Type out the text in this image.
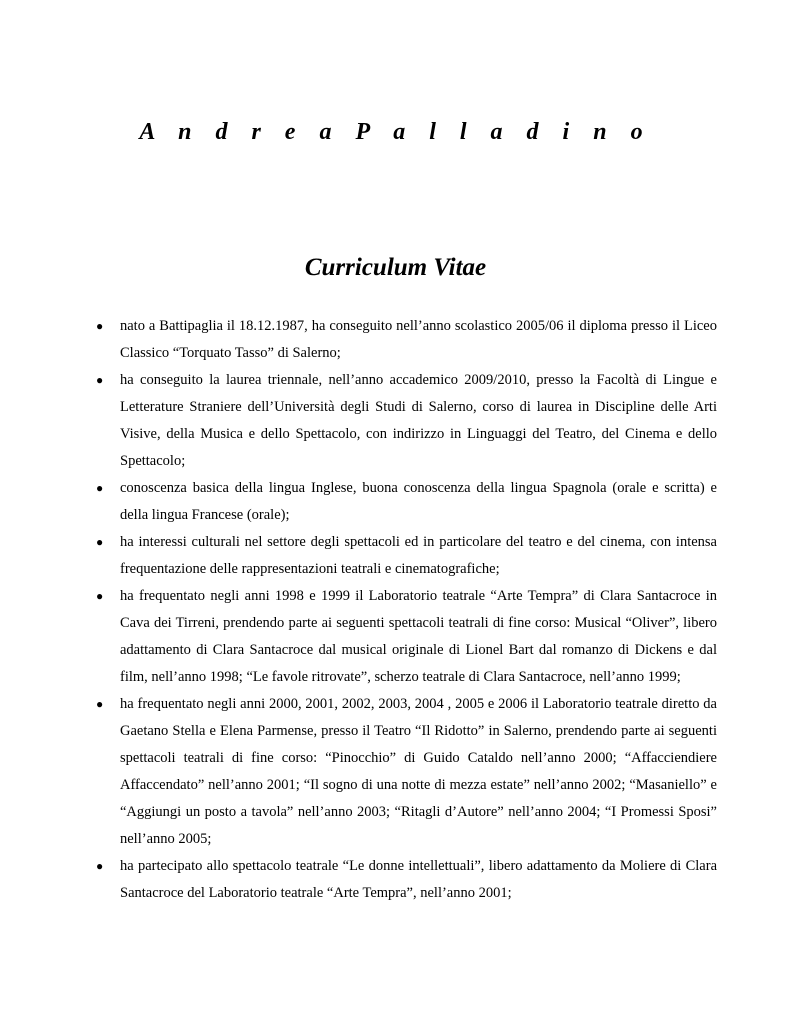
A n d r e a P a l l a d i n o
Curriculum Vitae
● nato a Battipaglia il 18.12.1987, ha conseguito nell’anno scolastico 2005/06 il diploma presso il Liceo Classico “Torquato Tasso” di Salerno;
● ha conseguito la laurea triennale, nell’anno accademico 2009/2010, presso la Facoltà di Lingue e Letterature Straniere dell’Università degli Studi di Salerno, corso di laurea in Discipline delle Arti Visive, della Musica e dello Spettacolo, con indirizzo in Linguaggi del Teatro, del Cinema e dello Spettacolo;
● conoscenza basica della lingua Inglese, buona conoscenza della lingua Spagnola (orale e scritta) e della lingua Francese (orale);
● ha interessi culturali nel settore degli spettacoli ed in particolare del teatro e del cinema, con intensa frequentazione delle rappresentazioni teatrali e cinematografiche;
● ha frequentato negli anni 1998 e 1999 il Laboratorio teatrale “Arte Tempra” di Clara Santacroce in Cava dei Tirreni, prendendo parte ai seguenti spettacoli teatrali di fine corso: Musical “Oliver”, libero adattamento di Clara Santacroce dal musical originale di Lionel Bart dal romanzo di Dickens e dal film, nell’anno 1998; “Le favole ritrovate”, scherzo teatrale di Clara Santacroce, nell’anno 1999;
● ha frequentato negli anni 2000, 2001, 2002, 2003, 2004 , 2005 e 2006 il Laboratorio teatrale diretto da Gaetano Stella e Elena Parmense, presso il Teatro “Il Ridotto” in Salerno, prendendo parte ai seguenti spettacoli teatrali di fine corso: “Pinocchio” di Guido Cataldo nell’anno 2000; “Affacciendiere Affaccendato” nell’anno 2001; “Il sogno di una notte di mezza estate” nell’anno 2002; “Masaniello” e “Aggiungi un posto a tavola” nell’anno 2003; “Ritagli d’Autore” nell’anno 2004; “I Promessi Sposi” nell’anno 2005;
● ha partecipato allo spettacolo teatrale “Le donne intellettuali”, libero adattamento da Moliere di Clara Santacroce del Laboratorio teatrale “Arte Tempra”, nell’anno 2001;
